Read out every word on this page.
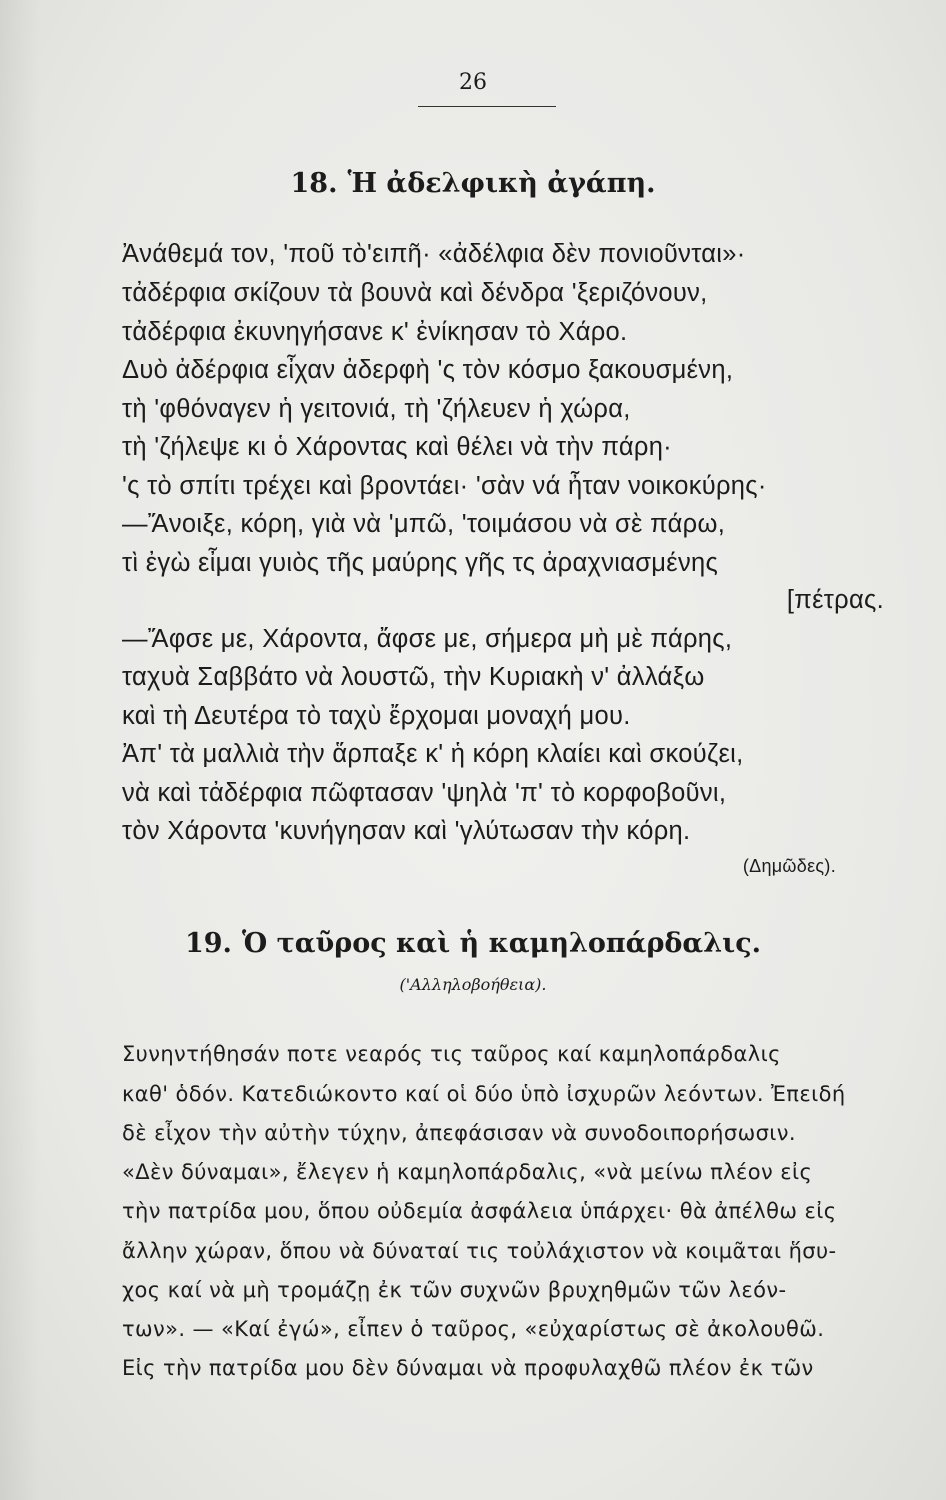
26
18. Ἡ ἀδελφικὴ ἀγάπη.
Ἀνάθεμά τον, 'ποῦ τὸ'ειπῆ· «ἀδέλφια δὲν πονιοῦνται»·
τἀδέρφια σκίζουν τὰ βουνὰ καὶ δένδρα 'ξεριζόνουν,
τἀδέρφια ἐκυνηγήσανε κ' ἐνίκησαν τὸ Χάρο.
Δυὸ ἀδέρφια εἶχαν ἀδερφὴ 'ς τὸν κόσμο ξακουσμένη,
τὴ 'φθόναγεν ἡ γειτονιά, τὴ 'ζήλευεν ἡ χώρα,
τὴ 'ζήλεψε κι ὁ Χάροντας καὶ θέλει νὰ τὴν πάρη·
'ς τὸ σπίτι τρέχει καὶ βροντάει· 'σὰν νά ἦταν νοικοκύρης·
—Ἄνοιξε, κόρη, γιὰ νὰ 'μπῶ, 'τοιμάσου νὰ σὲ πάρω,
τὶ ἐγὼ εἶμαι γυιὸς τῆς μαύρης γῆς τς ἀραχνιασμένης
[πέτρας.
—Ἄφσε με, Χάροντα, ἄφσε με, σήμερα μὴ μὲ πάρης,
ταχυὰ Σαββάτο νὰ λουστῶ, τὴν Κυριακὴ ν' ἀλλάξω
καὶ τὴ Δευτέρα τὸ ταχὺ ἔρχομαι μοναχή μου.
Ἀπ' τὰ μαλλιὰ τὴν ἅρπαξε κ' ἡ κόρη κλαίει καὶ σκούζει,
νὰ καὶ τἀδέρφια πῶφτασαν 'ψηλὰ 'π' τὸ κορφοβοῦνι,
τὸν Χάροντα 'κυνήγησαν καὶ 'γλύτωσαν τὴν κόρη.
(Δημῶδες).
19. Ὁ ταῦρος καὶ ἡ καμηλοπάρδαλις.
('Αλληλοβοήθεια).
Συνηντήθησάν ποτε νεαρός τις ταῦρος καί καμηλοπάρδαλις
καθ' ὁδόν. Κατεδιώκοντο καί οἱ δύο ὑπὸ ἰσχυρῶν λεόντων. Ἐπειδή
δὲ εἶχον τὴν αὐτὴν τύχην, ἀπεφάσισαν νὰ συνοδοιπορήσωσιν.
«Δὲν δύναμαι», ἔλεγεν ἡ καμηλοπάρδαλις, «νὰ μείνω πλέον εἰς
τὴν πατρίδα μου, ὅπου οὐδεμία ἀσφάλεια ὑπάρχει· θὰ ἀπέλθω εἰς
ἄλλην χώραν, ὅπου νὰ δύναταί τις τοὐλάχιστον νὰ κοιμᾶται ἥσυ-
χος καί νὰ μὴ τρομάζῃ ἐκ τῶν συχνῶν βρυχηθμῶν τῶν λεόν-
των». — «Καί ἐγώ», εἶπεν ὁ ταῦρος, «εὐχαρίστως σὲ ἀκολουθῶ.
Εἰς τὴν πατρίδα μου δὲν δύναμαι νὰ προφυλαχθῶ πλέον ἐκ τῶν
